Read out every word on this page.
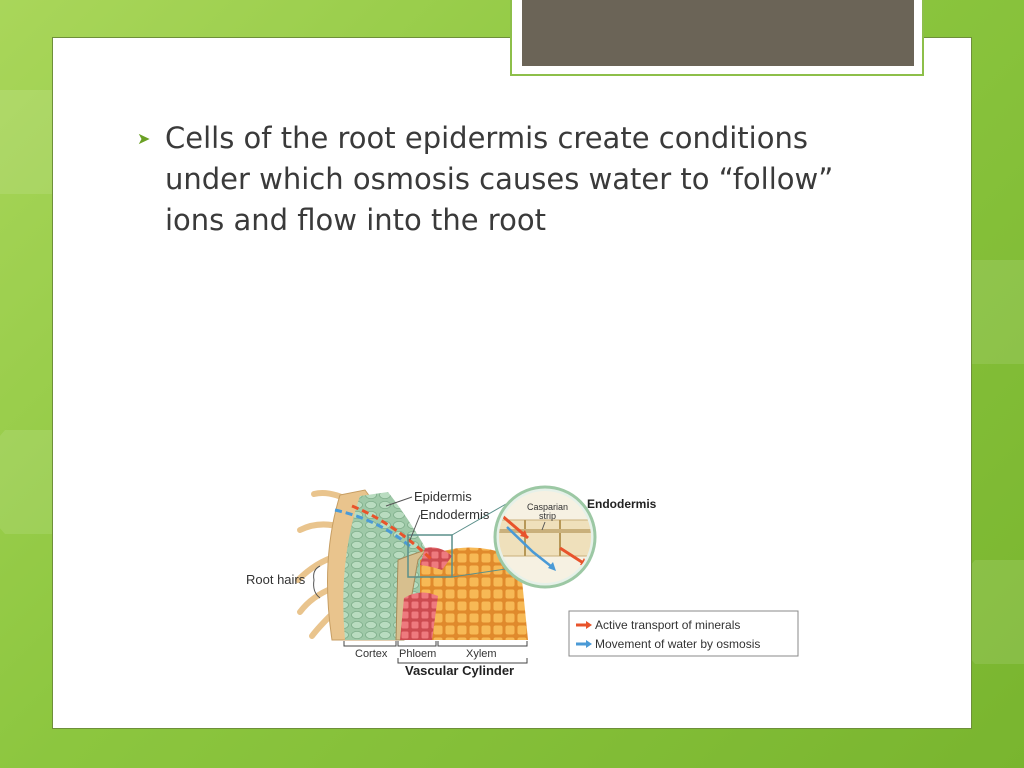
➤ Cells of the root epidermis create conditions under which osmosis causes water to “follow” ions and flow into the root
Epidermis
Endodermis	Casparian
strip
Endodermis
Root hairs
Cortex Phloem	Xylem
Vascular Cylinder
Active transport of minerals
Movement of water by osmosis
